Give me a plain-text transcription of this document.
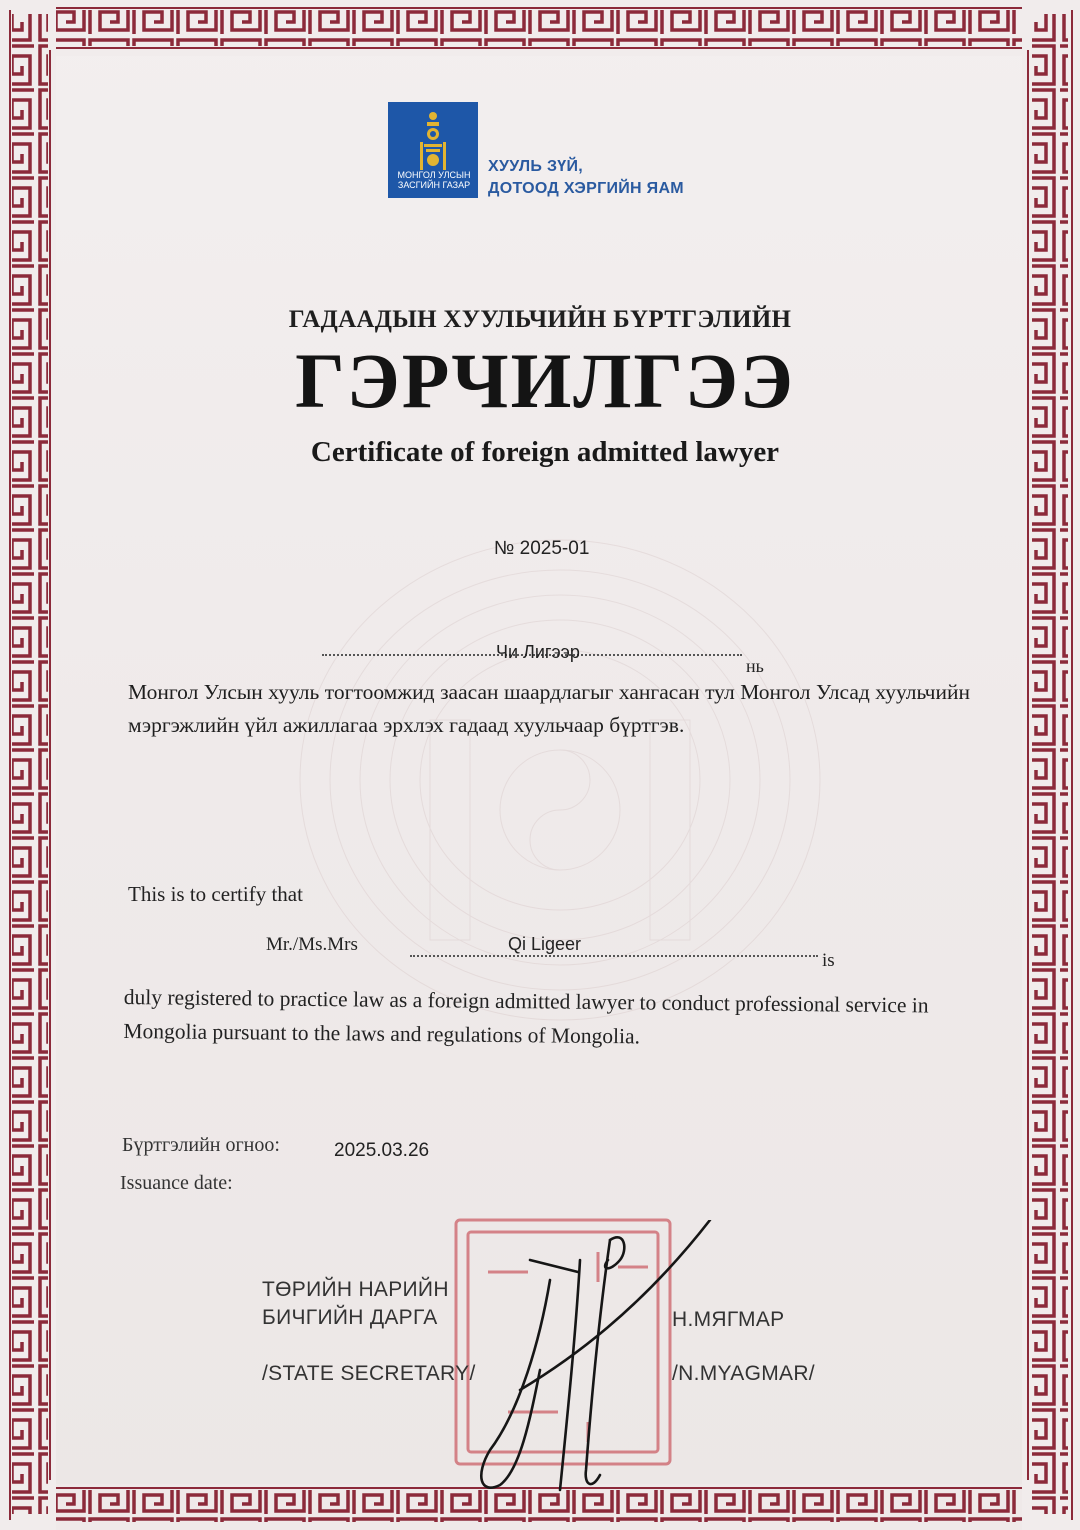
МОНГОЛ УЛСЫН
ЗАСГИЙН ГАЗАР
ХУУЛЬ ЗҮЙ,
ДОТООД ХЭРГИЙН ЯАМ
ГАДААДЫН ХУУЛЬЧИЙН БҮРТГЭЛИЙН
ГЭРЧИЛГЭЭ
Certificate of foreign admitted lawyer
№ 2025-01
Чи Лигээр
нь
Монгол Улсын хууль тогтоомжид заасан шаардлагыг хангасан тул Монгол Улсад хуульчийн мэргэжлийн үйл ажиллагаа эрхлэх гадаад хуульчаар бүртгэв.
This is to certify that
Mr./Ms.Mrs	Qi Ligeer
is
duly registered to practice law as a foreign admitted lawyer to conduct professional service in Mongolia pursuant to the laws and regulations of Mongolia.
Бүртгэлийн огноо:	2025.03.26
Issuance date:
ТӨРИЙН НАРИЙН
БИЧГИЙН ДАРГА
/STATE SECRETARY/
Н.МЯГМАР
/N.MYAGMAR/
